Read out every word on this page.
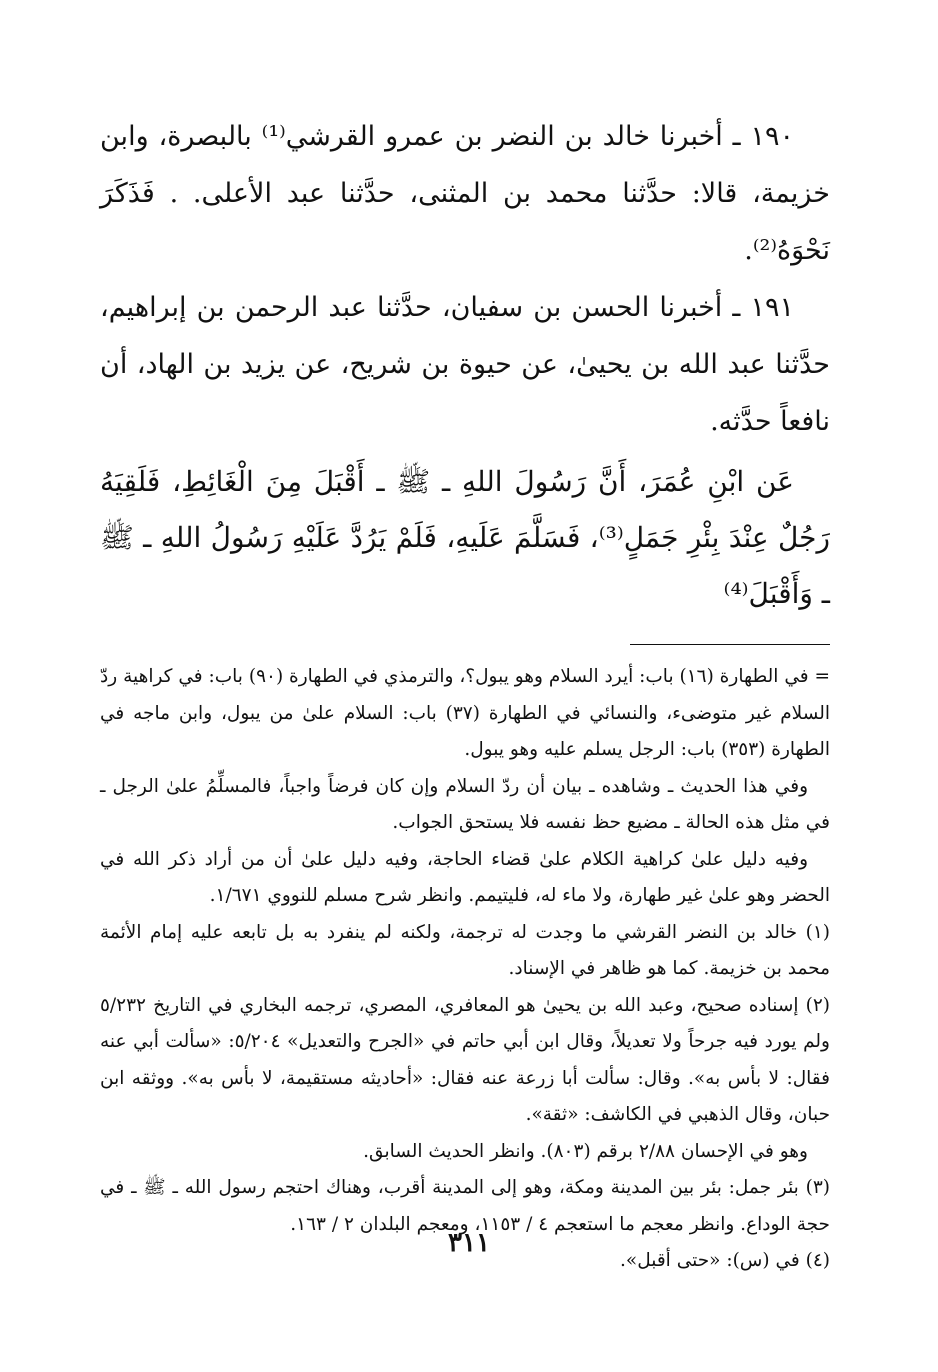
١٩٠ ـ أخبرنا خالد بن النضر بن عمرو القرشي⁽¹⁾ بالبصرة، وابن خزيمة، قالا: حدَّثنا محمد بن المثنى، حدَّثنا عبد الأعلى. . فَذَكَرَ نَحْوَهُ⁽²⁾.

١٩١ ـ أخبرنا الحسن بن سفيان، حدَّثنا عبد الرحمن بن إبراهيم، حدَّثنا عبد الله بن يحيىٰ، عن حيوة بن شريح، عن يزيد بن الهاد، أن نافعاً حدَّثه.

عَن ابْنِ عُمَرَ، أَنَّ رَسُولَ اللهِ ـ ﷺ ـ أَقْبَلَ مِنَ الْغَائِطِ، فَلَقِيَهُ رَجُلٌ عِنْدَ بِئْرِ جَمَلٍ⁽³⁾، فَسَلَّمَ عَلَيهِ، فَلَمْ يَرُدَّ عَلَيْهِ رَسُولُ اللهِ ـ ﷺ ـ وَأَقْبَلَ⁽⁴⁾

= في الطهارة (١٦) باب: أيرد السلام وهو يبول؟، والترمذي في الطهارة (٩٠) باب: في كراهية ردّ السلام غير متوضىء، والنسائي في الطهارة (٣٧) باب: السلام علىٰ من يبول، وابن ماجه في الطهارة (٣٥٣) باب: الرجل يسلم عليه وهو يبول.

وفي هذا الحديث ـ وشاهده ـ بيان أن ردّ السلام وإن كان فرضاً واجباً، فالمسلِّمُ علىٰ الرجل ـ في مثل هذه الحالة ـ مضيع حظ نفسه فلا يستحق الجواب.

وفيه دليل علىٰ كراهية الكلام علىٰ قضاء الحاجة، وفيه دليل علىٰ أن من أراد ذكر الله في الحضر وهو علىٰ غير طهارة، ولا ماء له، فليتيمم. وانظر شرح مسلم للنووي ١/٦٧١.

(١) خالد بن النضر القرشي ما وجدت له ترجمة، ولكنه لم ينفرد به بل تابعه عليه إمام الأئمة محمد بن خزيمة. كما هو ظاهر في الإسناد.

(٢) إسناده صحيح، وعبد الله بن يحيىٰ هو المعافري، المصري، ترجمه البخاري في التاريخ ٥/٢٣٢ ولم يورد فيه جرحاً ولا تعديلاً، وقال ابن أبي حاتم في «الجرح والتعديل» ٥/٢٠٤: «سألت أبي عنه فقال: لا بأس به». وقال: سألت أبا زرعة عنه فقال: «أحاديثه مستقيمة، لا بأس به». ووثقه ابن حبان، وقال الذهبي في الكاشف: «ثقة».

وهو في الإحسان ٢/٨٨ برقم (٨٠٣). وانظر الحديث السابق.

(٣) بئر جمل: بئر بين المدينة ومكة، وهو إلى المدينة أقرب، وهناك احتجم رسول الله ـ ﷺ ـ في حجة الوداع. وانظر معجم ما استعجم ٤ / ١١٥٣، ومعجم البلدان ٢ / ١٦٣.

(٤) في (س): «حتى أقبل».

٣١١
